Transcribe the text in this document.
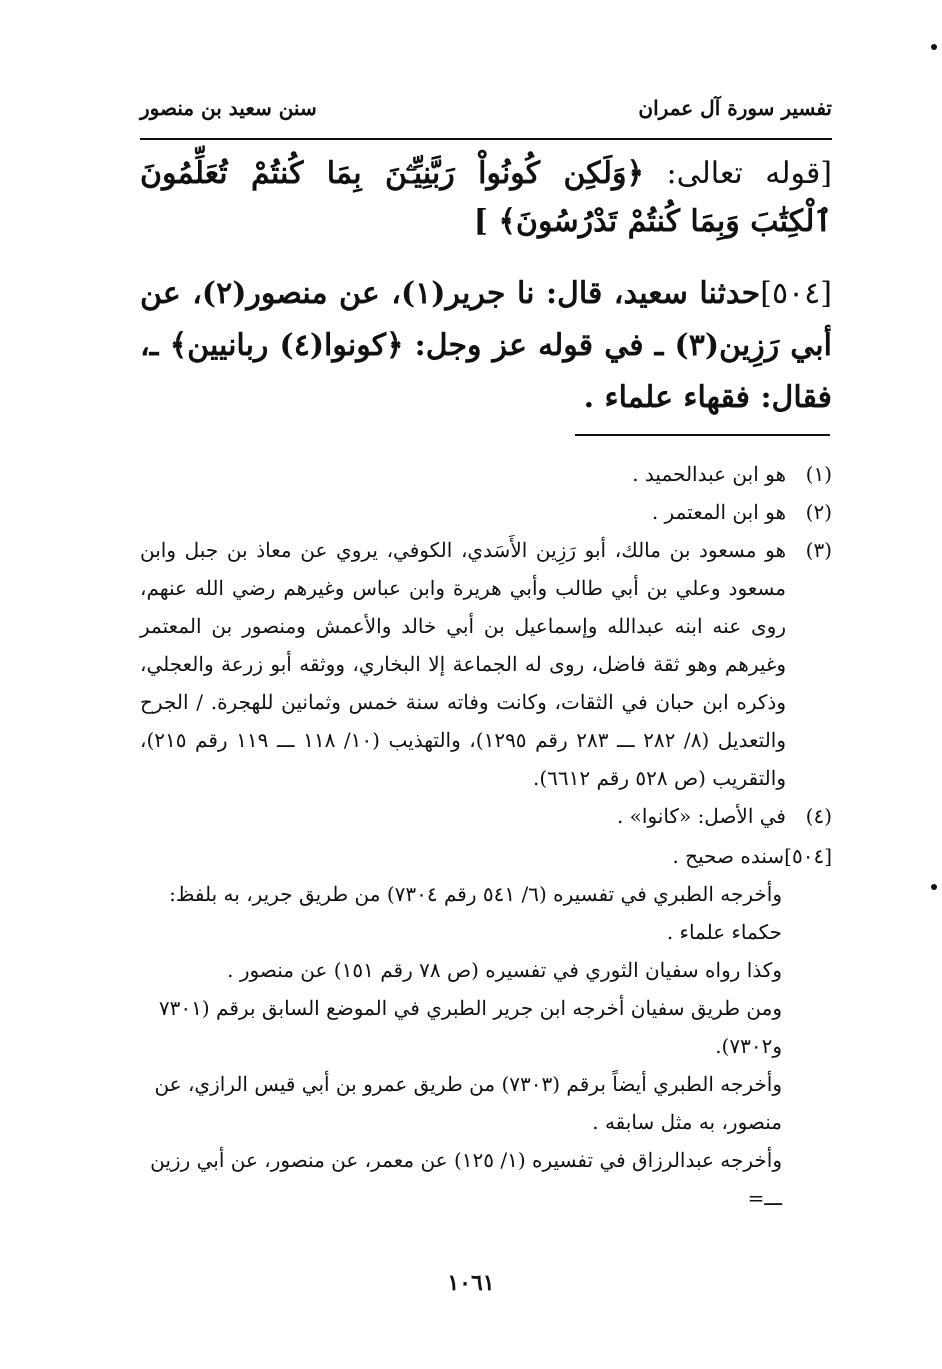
تفسير سورة آل عمران
سنن سعيد بن منصور
[قوله تعالى: ﴿وَلَكِن كُونُواْ رَبَّنِيِّـۧنَ بِمَا كُنتُمْ تُعَلِّمُونَ ٱلْكِتَٰبَ وَبِمَا كُنتُمْ تَدْرُسُونَ﴾ ]
[٥٠٤]حدثنا سعيد، قال: نا جرير(١)، عن منصور(٢)، عن أبي رَزِين(٣) ـ في قوله عز وجل: ﴿كونوا(٤) ربانيين﴾ ـ، فقال: فقهاء علماء .
(١)
هو ابن عبدالحميد .
(٢)
هو ابن المعتمر .
(٣)
هو مسعود بن مالك، أبو رَزِين الأَسَدي، الكوفي، يروي عن معاذ بن جبل وابن مسعود وعلي بن أبي طالب وأبي هريرة وابن عباس وغيرهم رضي الله عنهم، روى عنه ابنه عبدالله وإسماعيل بن أبي خالد والأعمش ومنصور بن المعتمر وغيرهم وهو ثقة فاضل، روى له الجماعة إلا البخاري، ووثقه أبو زرعة والعجلي، وذكره ابن حبان في الثقات، وكانت وفاته سنة خمس وثمانين للهجرة. / الجرح والتعديل (٨/ ٢٨٢ ـــ ٢٨٣ رقم ١٢٩٥)، والتهذيب (١٠/ ١١٨ ـــ ١١٩ رقم ٢١٥)، والتقريب (ص ٥٢٨ رقم ٦٦١٢).
(٤)
في الأصل: «كانوا» .
[٥٠٤]سنده صحيح .
وأخرجه الطبري في تفسيره (٦/ ٥٤١ رقم ٧٣٠٤) من طريق جرير، به بلفظ: حكماء علماء .
وكذا رواه سفيان الثوري في تفسيره (ص ٧٨ رقم ١٥١) عن منصور .
ومن طريق سفيان أخرجه ابن جرير الطبري في الموضع السابق برقم (٧٣٠١ و٧٣٠٢).
وأخرجه الطبري أيضاً برقم (٧٣٠٣) من طريق عمرو بن أبي قيس الرازي، عن منصور، به مثل سابقه .
وأخرجه عبدالرزاق في تفسيره (١/ ١٢٥) عن معمر، عن منصور، عن أبي رزين ـــ=
١٠٦١
